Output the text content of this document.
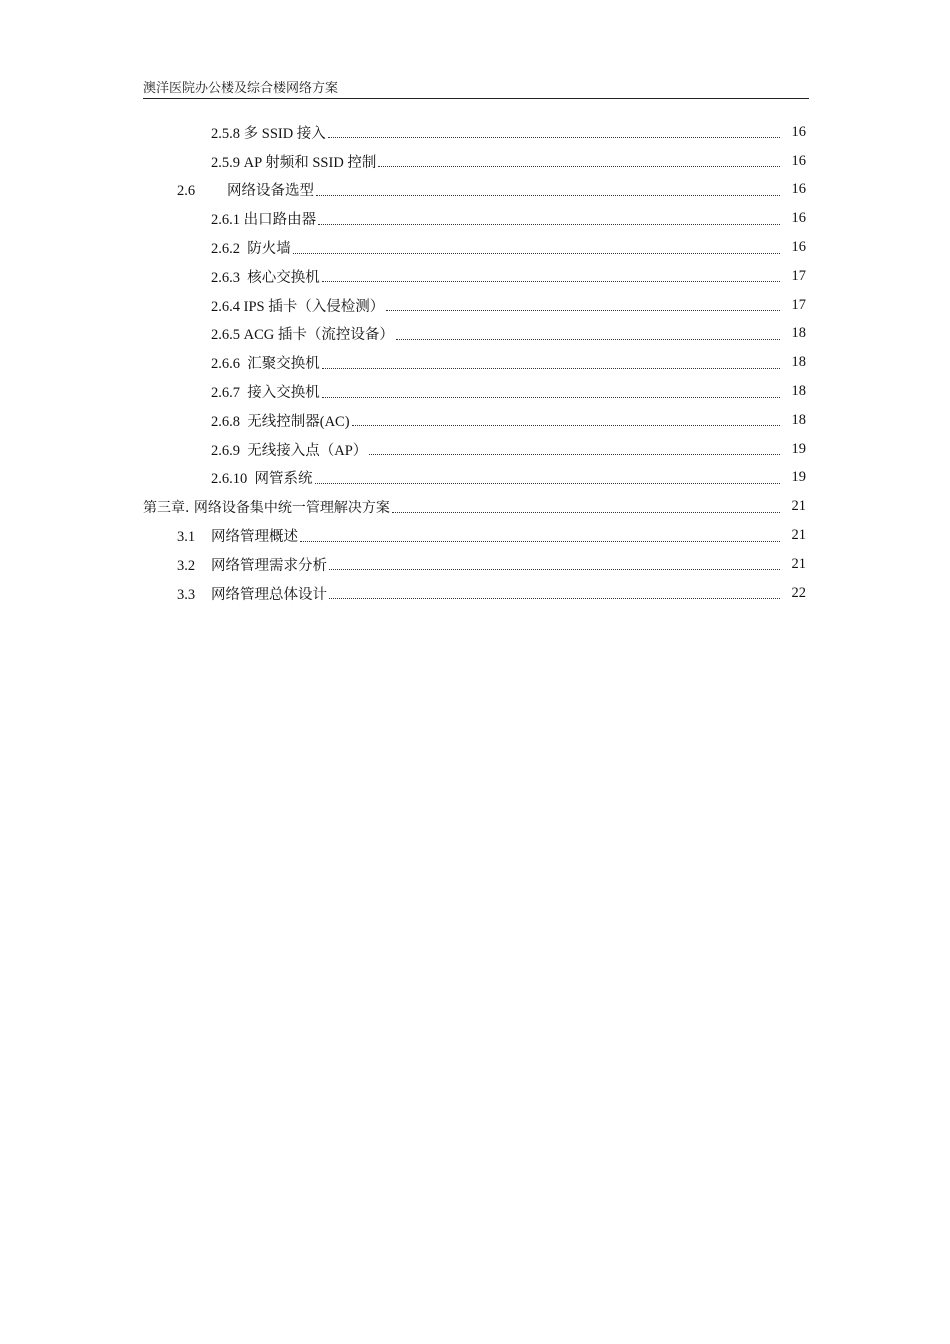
澳洋医院办公楼及综合楼网络方案
2.5.8 多 SSID 接入	16
2.5.9 AP 射频和 SSID 控制	16
2.6 网络设备选型	16
2.6.1 出口路由器	16
2.6.2 防火墙	16
2.6.3 核心交换机	17
2.6.4 IPS 插卡（入侵检测）	17
2.6.5 ACG 插卡（流控设备）	18
2.6.6 汇聚交换机	18
2.6.7 接入交换机	18
2.6.8 无线控制器(AC)	18
2.6.9 无线接入点（AP）	19
2.6.10 网管系统	19
第三章. 网络设备集中统一管理解决方案	21
3.1 网络管理概述	21
3.2 网络管理需求分析	21
3.3 网络管理总体设计	22
